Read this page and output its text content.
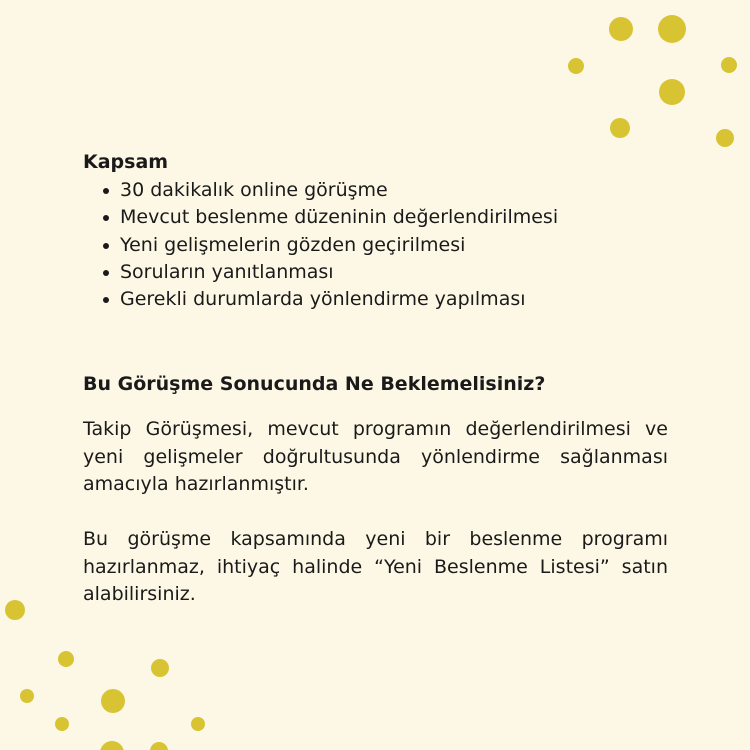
Kapsam
30 dakikalık online görüşme
Mevcut beslenme düzeninin değerlendirilmesi
Yeni gelişmelerin gözden geçirilmesi
Soruların yanıtlanması
Gerekli durumlarda yönlendirme yapılması
Bu Görüşme Sonucunda Ne Beklemelisiniz?

Takip Görüşmesi, mevcut programın değerlendirilmesi ve yeni gelişmeler doğrultusunda yönlendirme sağlanması amacıyla hazırlanmıştır.

Bu görüşme kapsamında yeni bir beslenme programı hazırlanmaz, ihtiyaç halinde “Yeni Beslenme Listesi” satın alabilirsiniz.
